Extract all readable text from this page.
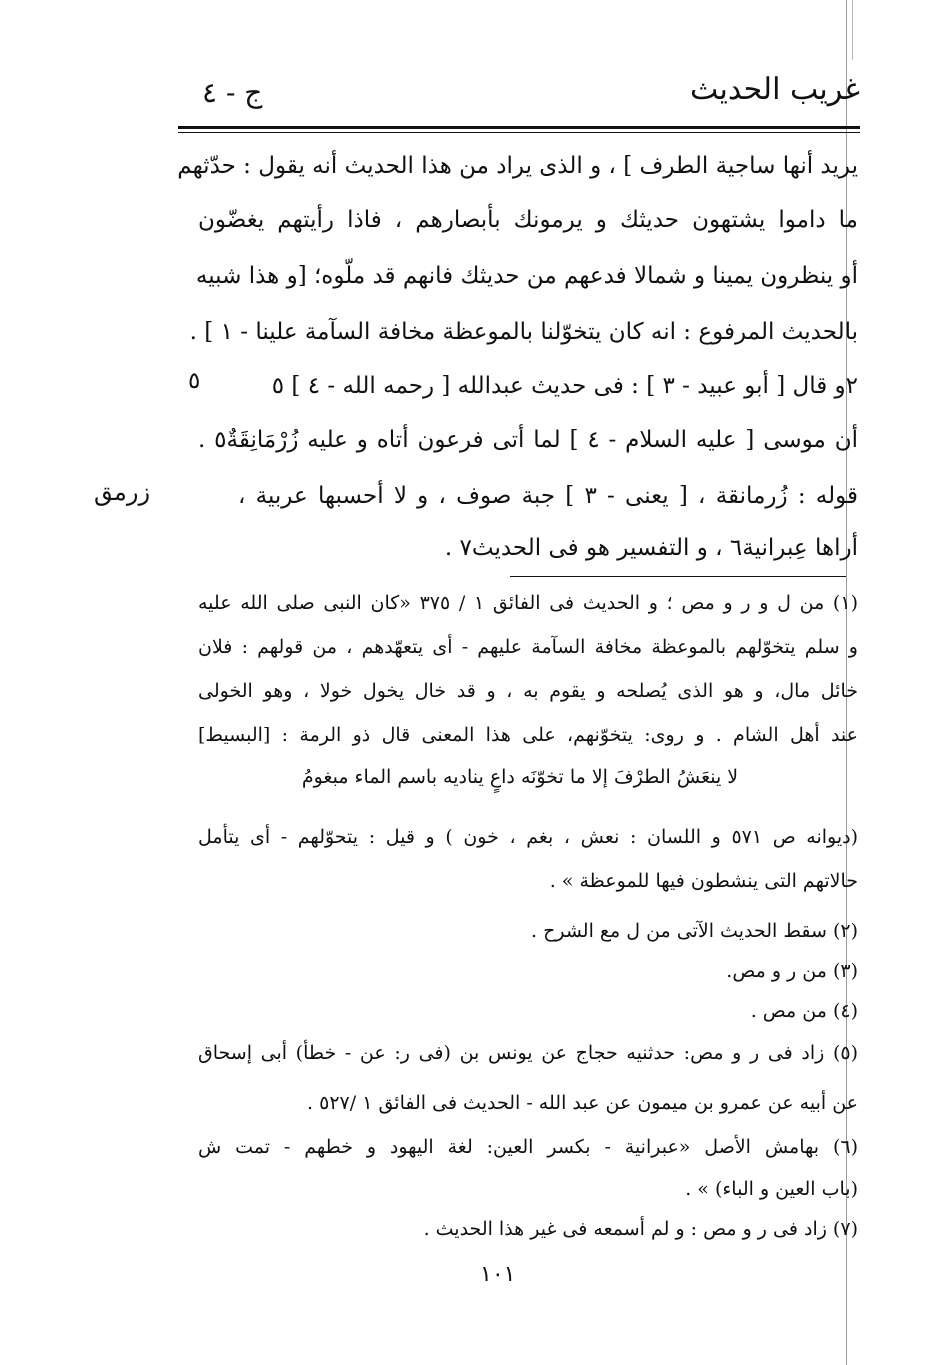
غريب الحديث
ج - ٤
يريد أنها ساجية الطرف ] ، و الذى يراد من هذا الحديث أنه يقول : حدّثهم
ما داموا يشتهون حديثك و يرمونك بأبصارهم ، فاذا رأيتهم يغضّون
أو ينظرون يمينا و شمالا فدعهم من حديثك فانهم قد ملّوه؛ [و هذا شبيه
بالحديث المرفوع : انه كان يتخوّلنا بالموعظة مخافة السآمة علينا - ١ ] .
٢و قال [ أبو عبيد - ٣ ] : فى حديث عبدالله [ رحمه الله - ٤ ] ٥
أن موسى [ عليه السلام - ٤ ] لما أتى فرعون أتاه و عليه زُرْمَانِقَةٌ٥ .
قوله : زُرمانقة ، [ يعنى - ٣ ] جبة صوف ، و لا أحسبها عربية ،
أراها عِبرانية٦ ، و التفسير هو فى الحديث٧ .
٥
زرمق
(١) من ل و ر و مص ؛ و الحديث فى الفائق ١ / ٣٧٥ «كان النبى صلى الله عليه
و سلم يتخوّلهم بالموعظة مخافة السآمة عليهم - أى يتعهّدهم ، من قولهم : فلان
خائل مال، و هو الذى يُصلحه و يقوم به ، و قد خال يخول خولا ، وهو الخولى
عند أهل الشام . و روى: يتخوّنهم، على هذا المعنى قال ذو الرمة : [البسيط]
لا ينعَشُ الطرْفَ إلا ما تخوّنَه داعٍ يناديه باسم الماء مبغومُ
(ديوانه ص ٥٧١ و اللسان : نعش ، بغم ، خون ) و قيل : يتحوّلهم - أى يتأمل
حالاتهم التى ينشطون فيها للموعظة » .
(٢) سقط الحديث الآتى من ل مع الشرح .
(٣) من ر و مص.
(٤) من مص .
(٥) زاد فى ر و مص: حدثنيه حجاج عن يونس بن (فى ر: عن - خطأ) أبى إسحاق
عن أبيه عن عمرو بن ميمون عن عبد الله - الحديث فى الفائق ١ /٥٢٧ .
(٦) بهامش الأصل «عبرانية - بكسر العين: لغة اليهود و خطهم - تمت ش
(باب العين و الباء) » .
(٧) زاد فى ر و مص : و لم أسمعه فى غير هذا الحديث .
١٠١
